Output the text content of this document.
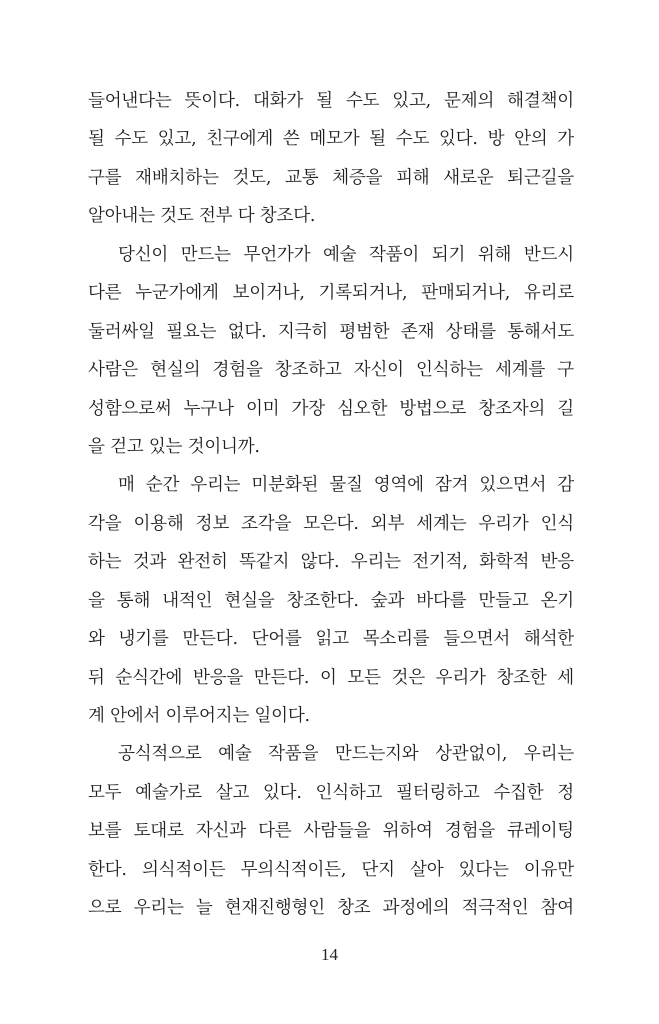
들어낸다는 뜻이다. 대화가 될 수도 있고, 문제의 해결책이
될 수도 있고, 친구에게 쓴 메모가 될 수도 있다. 방 안의 가
구를 재배치하는 것도, 교통 체증을 피해 새로운 퇴근길을
알아내는 것도 전부 다 창조다.
당신이 만드는 무언가가 예술 작품이 되기 위해 반드시
다른 누군가에게 보이거나, 기록되거나, 판매되거나, 유리로
둘러싸일 필요는 없다. 지극히 평범한 존재 상태를 통해서도
사람은 현실의 경험을 창조하고 자신이 인식하는 세계를 구
성함으로써 누구나 이미 가장 심오한 방법으로 창조자의 길
을 걷고 있는 것이니까.
매 순간 우리는 미분화된 물질 영역에 잠겨 있으면서 감
각을 이용해 정보 조각을 모은다. 외부 세계는 우리가 인식
하는 것과 완전히 똑같지 않다. 우리는 전기적, 화학적 반응
을 통해 내적인 현실을 창조한다. 숲과 바다를 만들고 온기
와 냉기를 만든다. 단어를 읽고 목소리를 들으면서 해석한
뒤 순식간에 반응을 만든다. 이 모든 것은 우리가 창조한 세
계 안에서 이루어지는 일이다.
공식적으로 예술 작품을 만드는지와 상관없이, 우리는
모두 예술가로 살고 있다. 인식하고 필터링하고 수집한 정
보를 토대로 자신과 다른 사람들을 위하여 경험을 큐레이팅
한다. 의식적이든 무의식적이든, 단지 살아 있다는 이유만
으로 우리는 늘 현재진행형인 창조 과정에의 적극적인 참여
14
